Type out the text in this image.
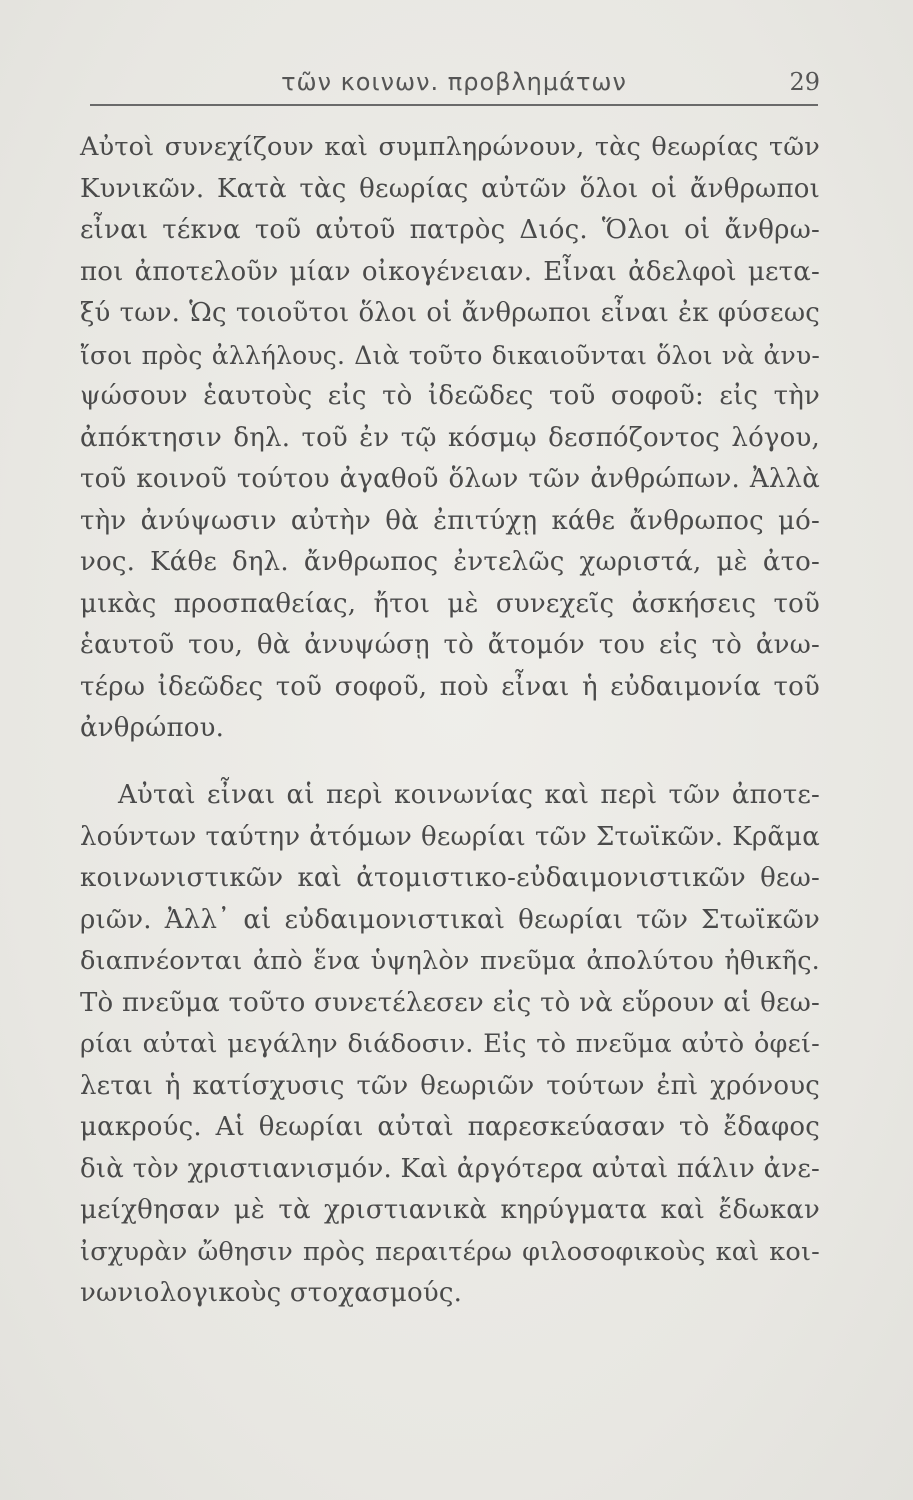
τῶν κοινων. προβλημάτων	29
Αὐτοὶ συνεχίζουν καὶ συμπληρώνουν, τὰς θεωρίας τῶν
Κυνικῶν. Κατὰ τὰς θεωρίας αὐτῶν ὅλοι οἱ ἄνθρωποι
εἶναι τέκνα τοῦ αὐτοῦ πατρὸς Διός. Ὅλοι οἱ ἄνθρω-
ποι ἀποτελοῦν μίαν οἰκογένειαν. Εἶναι ἀδελφοὶ μετα-
ξύ των. Ὡς τοιοῦτοι ὅλοι οἱ ἄνθρωποι εἶναι ἐκ φύσεως
ἴσοι πρὸς ἀλλήλους. Διὰ τοῦτο δικαιοῦνται ὅλοι νὰ ἀνυ-
ψώσουν ἑαυτοὺς εἰς τὸ ἰδεῶδες τοῦ σοφοῦ: εἰς τὴν
ἀπόκτησιν δηλ. τοῦ ἐν τῷ κόσμῳ δεσπόζοντος λόγου,
τοῦ κοινοῦ τούτου ἀγαθοῦ ὅλων τῶν ἀνθρώπων. Ἀλλὰ
τὴν ἀνύψωσιν αὐτὴν θὰ ἐπιτύχῃ κάθε ἄνθρωπος μό-
νος. Κάθε δηλ. ἄνθρωπος ἐντελῶς χωριστά, μὲ ἀτο-
μικὰς προσπαθείας, ἤτοι μὲ συνεχεῖς ἀσκήσεις τοῦ
ἑαυτοῦ του, θὰ ἀνυψώσῃ τὸ ἄτομόν του εἰς τὸ ἀνω-
τέρω ἰδεῶδες τοῦ σοφοῦ, ποὺ εἶναι ἡ εὐδαιμονία τοῦ
ἀνθρώπου.
Αὐταὶ εἶναι αἱ περὶ κοινωνίας καὶ περὶ τῶν ἀποτε-
λούντων ταύτην ἀτόμων θεωρίαι τῶν Στωϊκῶν. Κρᾶμα
κοινωνιστικῶν καὶ ἀτομιστικο-εὐδαιμονιστικῶν θεω-
ριῶν. Ἀλλ᾿ αἱ εὐδαιμονιστικαὶ θεωρίαι τῶν Στωϊκῶν
διαπνέονται ἀπὸ ἕνα ὑψηλὸν πνεῦμα ἀπολύτου ἠθικῆς.
Τὸ πνεῦμα τοῦτο συνετέλεσεν εἰς τὸ νὰ εὕρουν αἱ θεω-
ρίαι αὐταὶ μεγάλην διάδοσιν. Εἰς τὸ πνεῦμα αὐτὸ ὀφεί-
λεται ἡ κατίσχυσις τῶν θεωριῶν τούτων ἐπὶ χρόνους
μακρούς. Αἱ θεωρίαι αὐταὶ παρεσκεύασαν τὸ ἔδαφος
διὰ τὸν χριστιανισμόν. Καὶ ἀργότερα αὐταὶ πάλιν ἀνε-
μείχθησαν μὲ τὰ χριστιανικὰ κηρύγματα καὶ ἔδωκαν
ἰσχυρὰν ὤθησιν πρὸς περαιτέρω φιλοσοφικοὺς καὶ κοι-
νωνιολογικοὺς στοχασμούς.
